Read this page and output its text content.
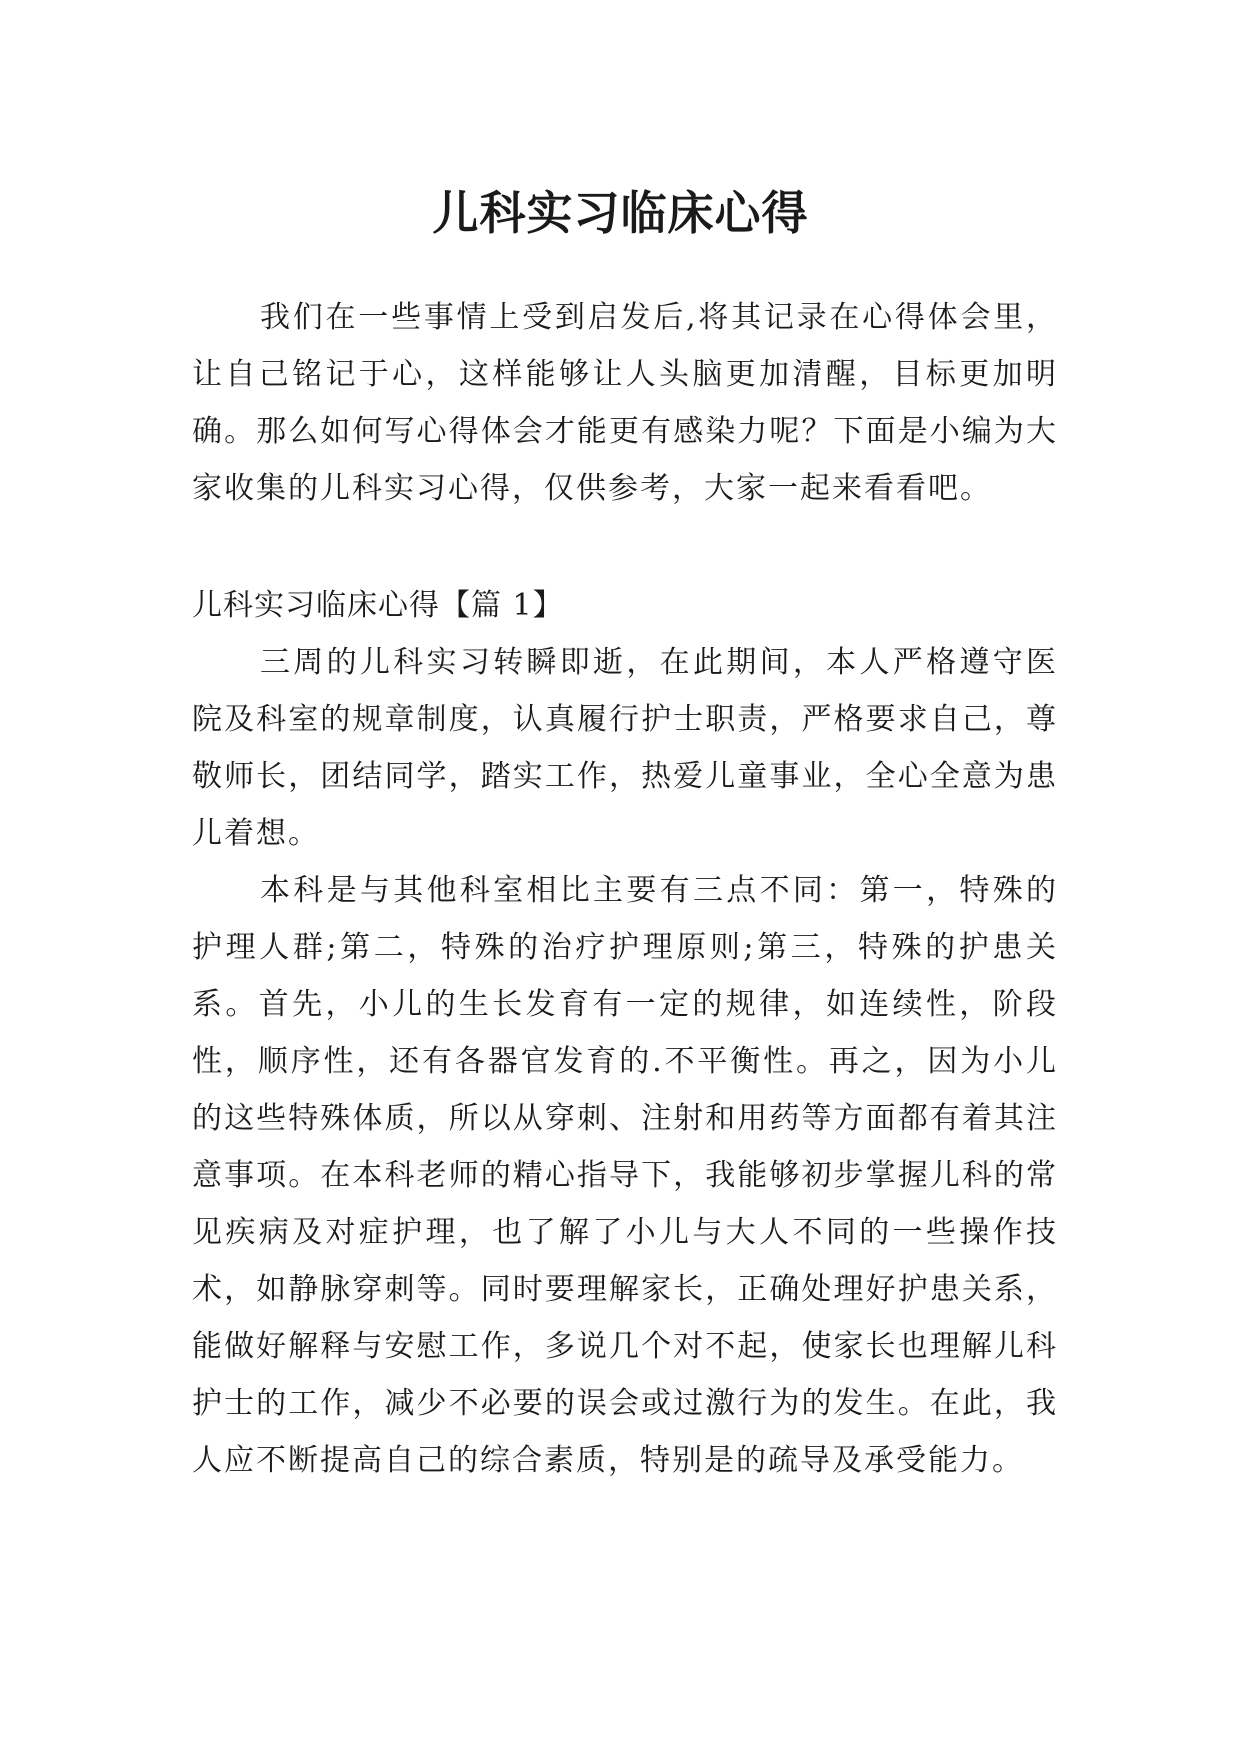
儿科实习临床心得

我们在一些事情上受到启发后,将其记录在心得体会里，让自己铭记于心，这样能够让人头脑更加清醒，目标更加明确。那么如何写心得体会才能更有感染力呢？下面是小编为大家收集的儿科实习心得，仅供参考，大家一起来看看吧。

儿科实习临床心得【篇 1】

三周的儿科实习转瞬即逝，在此期间，本人严格遵守医院及科室的规章制度，认真履行护士职责，严格要求自己，尊敬师长，团结同学，踏实工作，热爱儿童事业，全心全意为患儿着想。

本科是与其他科室相比主要有三点不同：第一，特殊的护理人群;第二，特殊的治疗护理原则;第三，特殊的护患关系。首先，小儿的生长发育有一定的规律，如连续性，阶段性，顺序性，还有各器官发育的.不平衡性。再之，因为小儿的这些特殊体质，所以从穿刺、注射和用药等方面都有着其注意事项。在本科老师的精心指导下，我能够初步掌握儿科的常见疾病及对症护理，也了解了小儿与大人不同的一些操作技术，如静脉穿刺等。同时要理解家长，正确处理好护患关系，能做好解释与安慰工作，多说几个对不起，使家长也理解儿科护士的工作，减少不必要的误会或过激行为的发生。在此，我人应不断提高自己的综合素质，特别是的疏导及承受能力。
